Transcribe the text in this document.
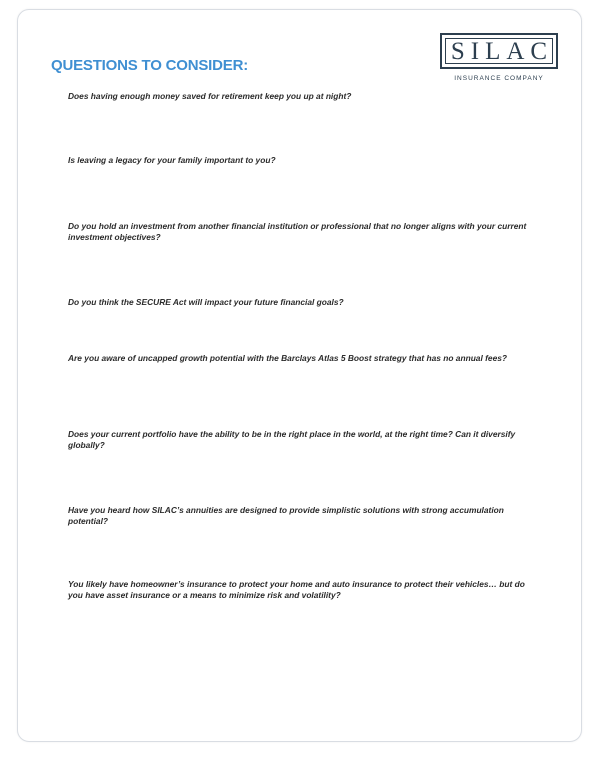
QUESTIONS TO CONSIDER:
SILAC
INSURANCE COMPANY
Does having enough money saved for retirement keep you up at night?
Is leaving a legacy for your family important to you?
Do you hold an investment from another financial institution or professional that no longer aligns with your current investment objectives?
Do you think the SECURE Act will impact your future financial goals?
Are you aware of uncapped growth potential with the Barclays Atlas 5 Boost strategy that has no annual fees?
Does your current portfolio have the ability to be in the right place in the world, at the right time? Can it diversify globally?
Have you heard how SILAC’s annuities are designed to provide simplistic solutions with strong accumulation potential?
You likely have homeowner’s insurance to protect your home and auto insurance to protect their vehicles… but do you have asset insurance or a means to minimize risk and volatility?
